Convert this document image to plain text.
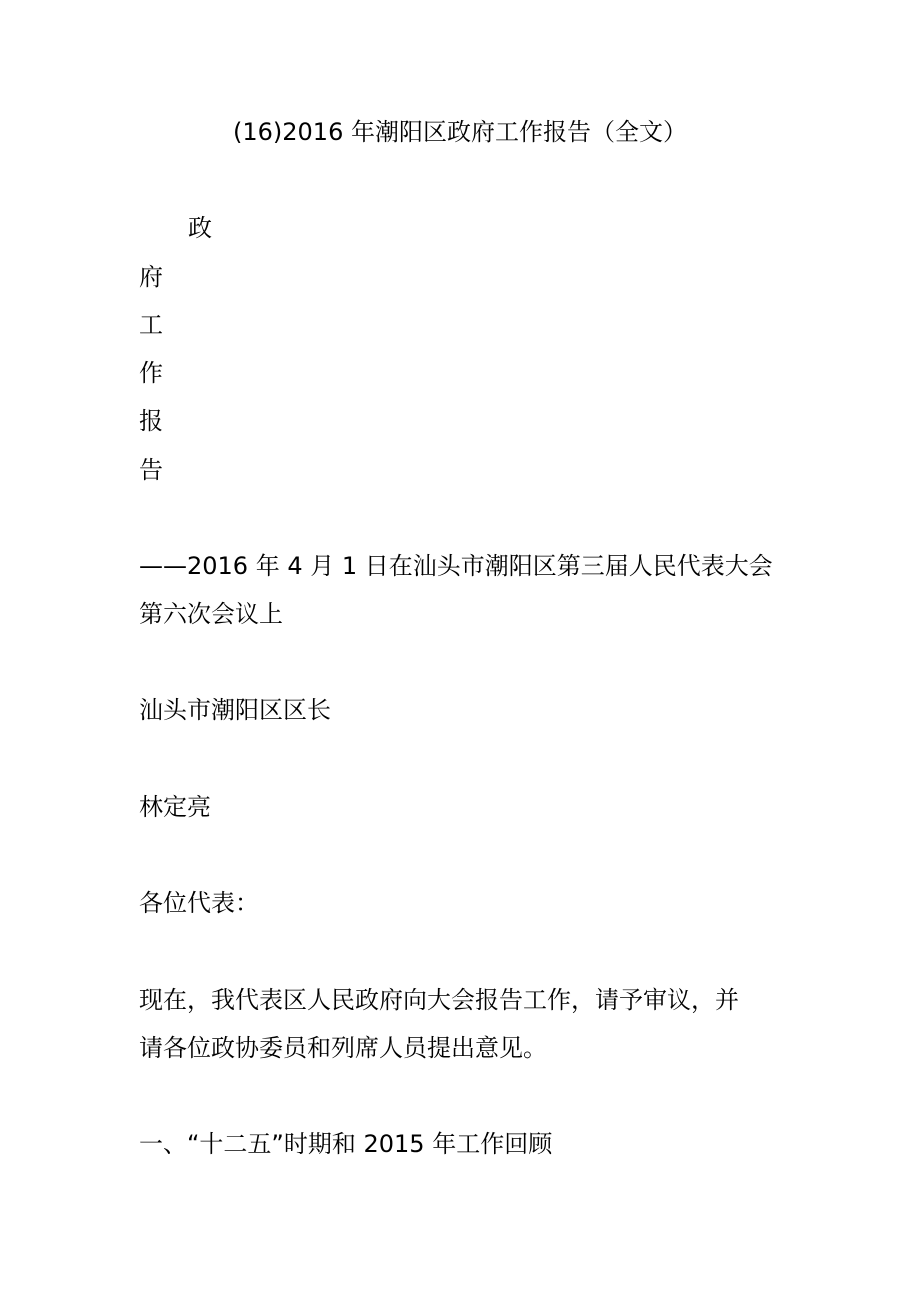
(16)2016 年潮阳区政府工作报告（全文）
政
府
工
作
报
告
——2016 年 4 月 1 日在汕头市潮阳区第三届人民代表大会
第六次会议上
汕头市潮阳区区长
林定亮
各位代表：
现在，我代表区人民政府向大会报告工作，请予审议，并
请各位政协委员和列席人员提出意见。
一、“十二五”时期和 2015 年工作回顾
